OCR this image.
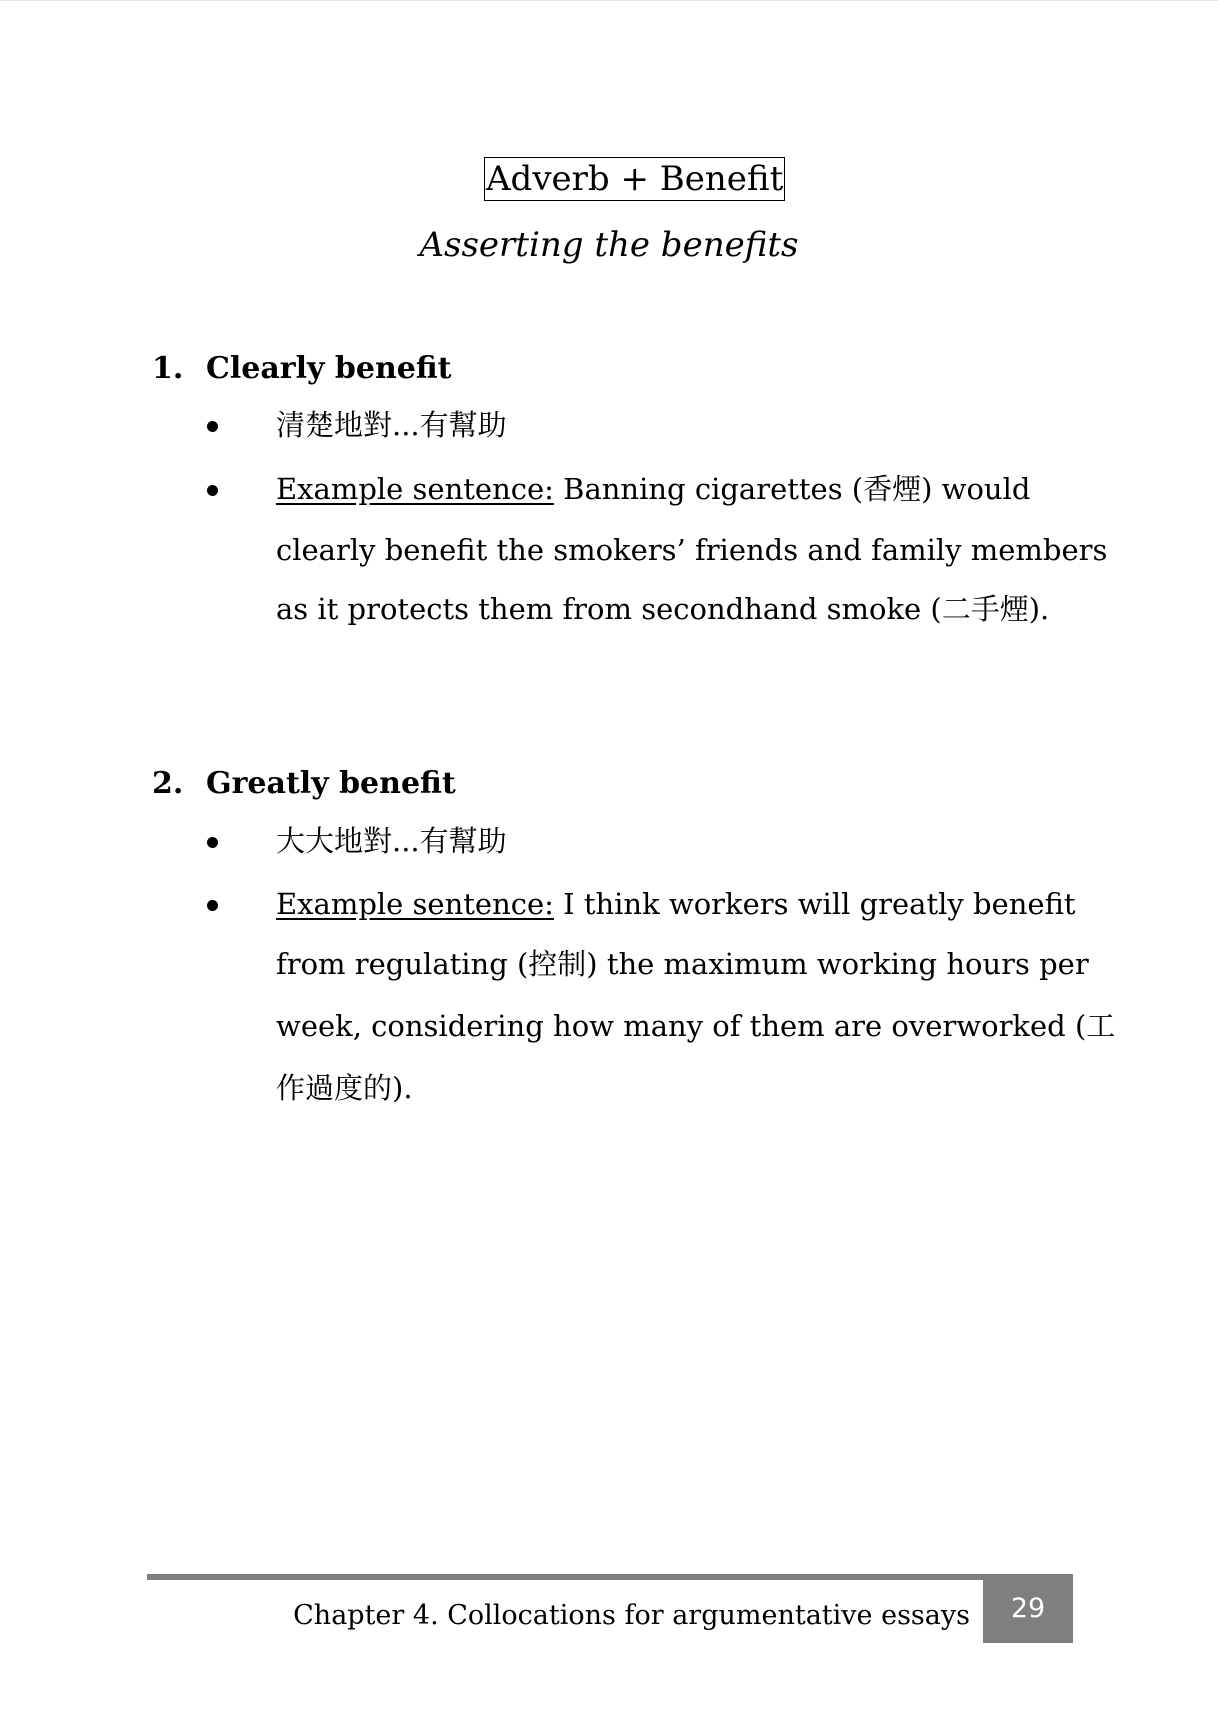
Adverb + Benefit
Asserting the benefits
1. Clearly benefit
清楚地對...有幫助
Example sentence: Banning cigarettes (香煙) would
clearly benefit the smokers’ friends and family members
as it protects them from secondhand smoke (二手煙).
2. Greatly benefit
大大地對...有幫助
Example sentence: I think workers will greatly benefit
from regulating (控制) the maximum working hours per
week, considering how many of them are overworked (工
作過度的).
Chapter 4. Collocations for argumentative essays	29
